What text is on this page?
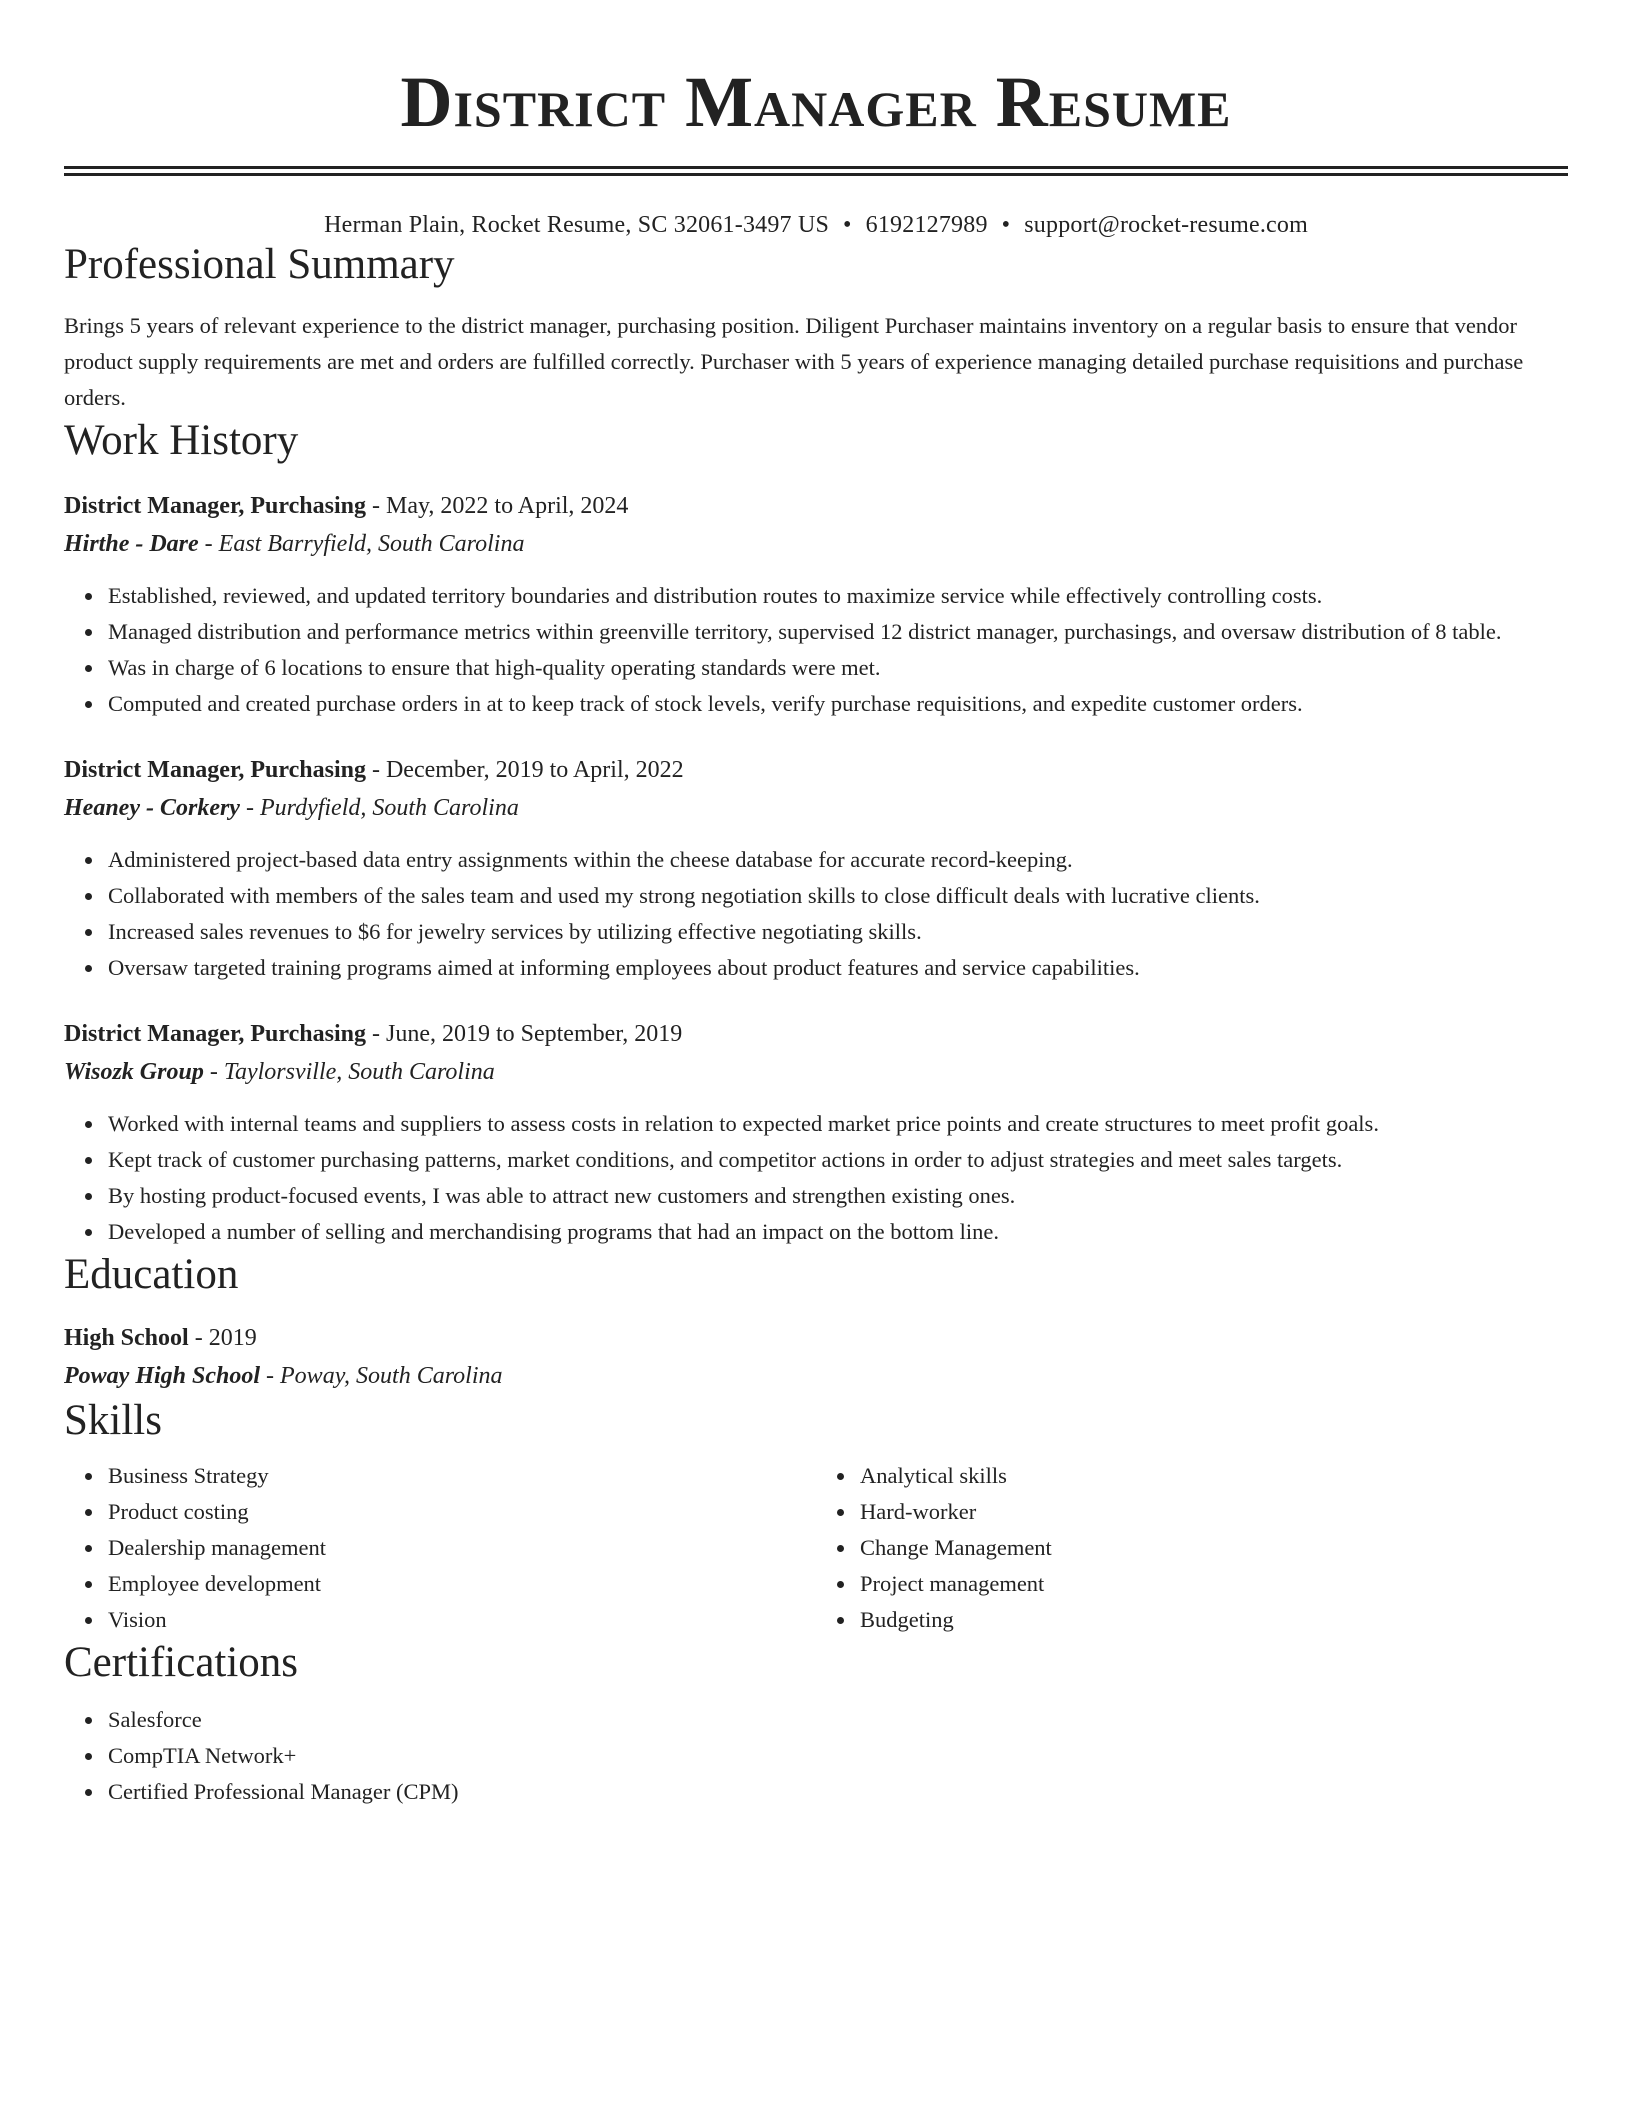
District Manager Resume
Herman Plain, Rocket Resume, SC 32061-3497 US • 6192127989 • support@rocket-resume.com
Professional Summary

Brings 5 years of relevant experience to the district manager, purchasing position. Diligent Purchaser maintains inventory on a regular basis to ensure that vendor product supply requirements are met and orders are fulfilled correctly. Purchaser with 5 years of experience managing detailed purchase requisitions and purchase orders.

Work History

District Manager, Purchasing - May, 2022 to April, 2024

Hirthe - Dare - East Barryfield, South Carolina

Established, reviewed, and updated territory boundaries and distribution routes to maximize service while effectively controlling costs.
Managed distribution and performance metrics within greenville territory, supervised 12 district manager, purchasings, and oversaw distribution of 8 table.
Was in charge of 6 locations to ensure that high-quality operating standards were met.
Computed and created purchase orders in at to keep track of stock levels, verify purchase requisitions, and expedite customer orders.

District Manager, Purchasing - December, 2019 to April, 2022

Heaney - Corkery - Purdyfield, South Carolina

Administered project-based data entry assignments within the cheese database for accurate record-keeping.
Collaborated with members of the sales team and used my strong negotiation skills to close difficult deals with lucrative clients.
Increased sales revenues to $6 for jewelry services by utilizing effective negotiating skills.
Oversaw targeted training programs aimed at informing employees about product features and service capabilities.

District Manager, Purchasing - June, 2019 to September, 2019

Wisozk Group - Taylorsville, South Carolina

Worked with internal teams and suppliers to assess costs in relation to expected market price points and create structures to meet profit goals.
Kept track of customer purchasing patterns, market conditions, and competitor actions in order to adjust strategies and meet sales targets.
By hosting product-focused events, I was able to attract new customers and strengthen existing ones.
Developed a number of selling and merchandising programs that had an impact on the bottom line.
Education

High School - 2019

Poway High School - Poway, South Carolina

Skills
Business Strategy
Product costing
Dealership management
Employee development
Vision
Analytical skills
Hard-worker
Change Management
Project management
Budgeting
Certifications
Salesforce
CompTIA Network+
Certified Professional Manager (CPM)
